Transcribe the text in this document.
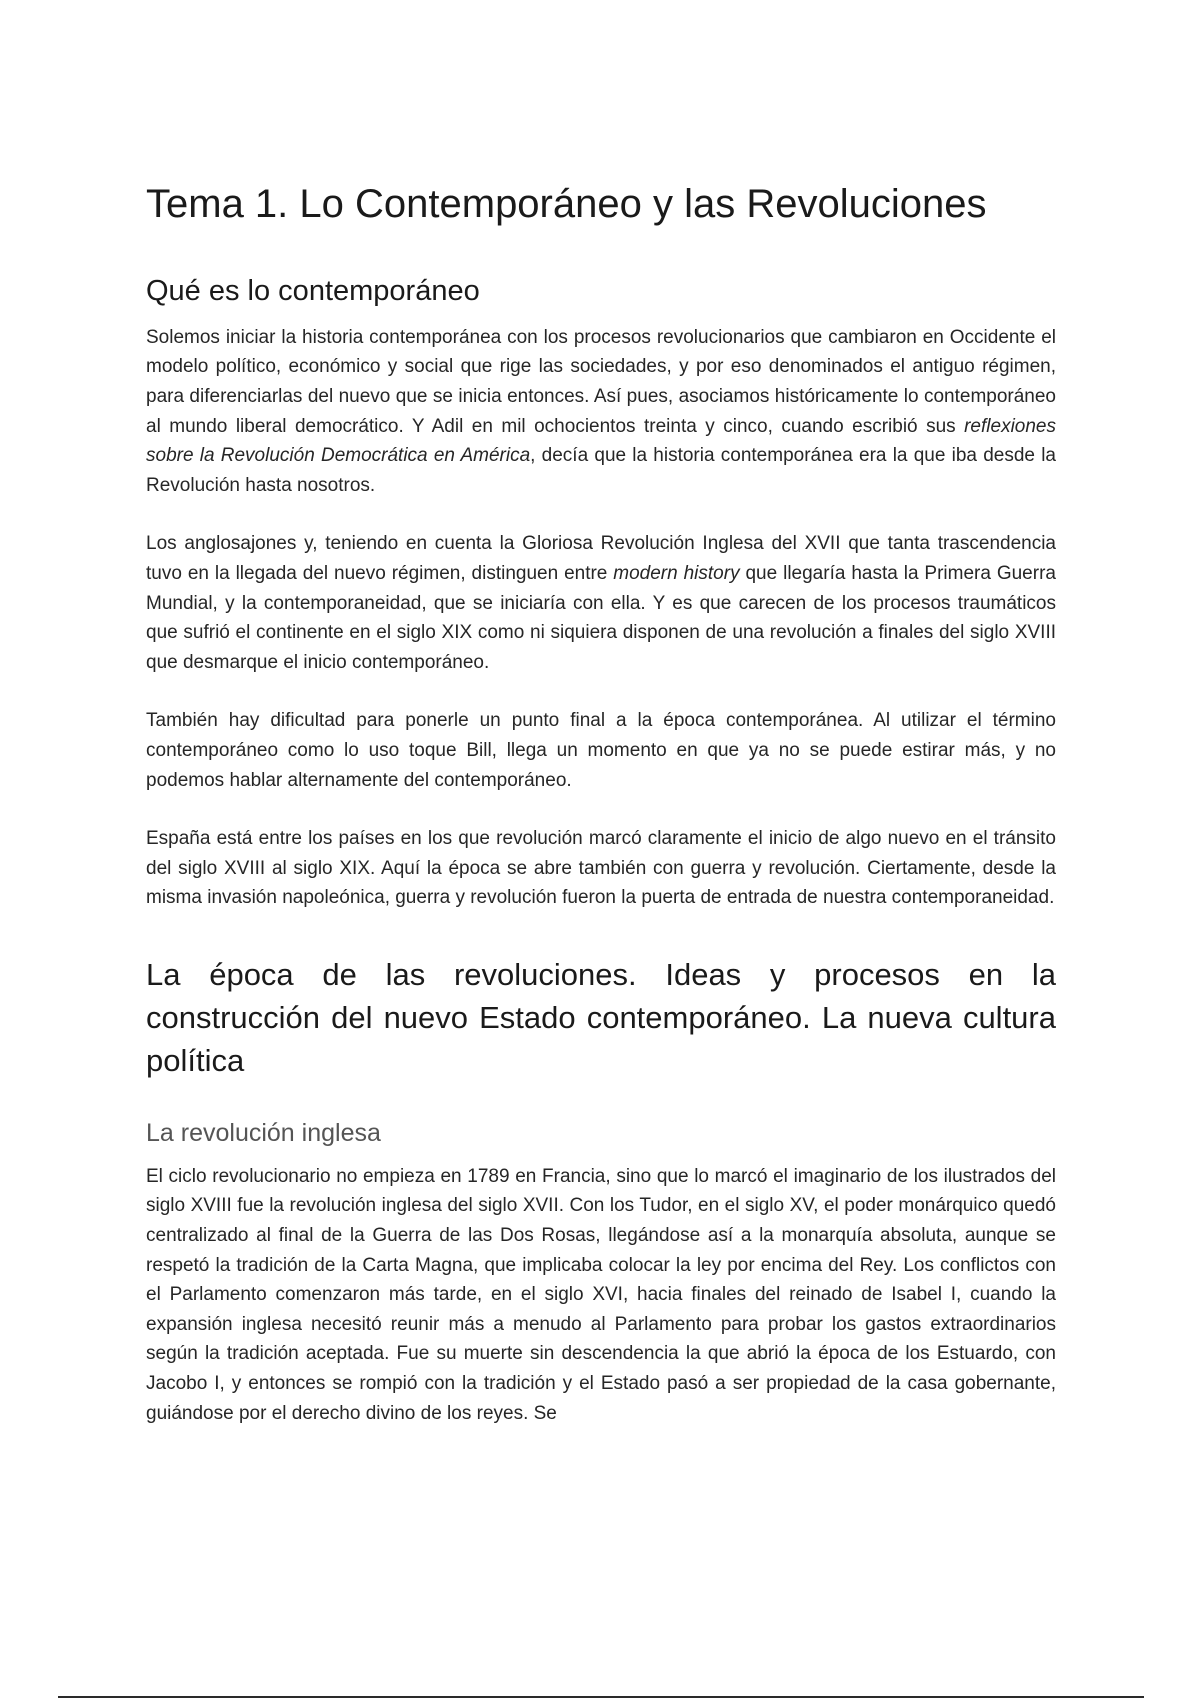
Tema 1. Lo Contemporáneo y las Revoluciones
Qué es lo contemporáneo

Solemos iniciar la historia contemporánea con los procesos revolucionarios que cambiaron en Occidente el modelo político, económico y social que rige las sociedades, y por eso denominados el antiguo régimen, para diferenciarlas del nuevo que se inicia entonces. Así pues, asociamos históricamente lo contemporáneo al mundo liberal democrático. Y Adil en mil ochocientos treinta y cinco, cuando escribió sus reflexiones sobre la Revolución Democrática en América, decía que la historia contemporánea era la que iba desde la Revolución hasta nosotros.

Los anglosajones y, teniendo en cuenta la Gloriosa Revolución Inglesa del XVII que tanta trascendencia tuvo en la llegada del nuevo régimen, distinguen entre modern history que llegaría hasta la Primera Guerra Mundial, y la contemporaneidad, que se iniciaría con ella. Y es que carecen de los procesos traumáticos que sufrió el continente en el siglo XIX como ni siquiera disponen de una revolución a finales del siglo XVIII que desmarque el inicio contemporáneo.

También hay dificultad para ponerle un punto final a la época contemporánea. Al utilizar el término contemporáneo como lo uso toque Bill, llega un momento en que ya no se puede estirar más, y no podemos hablar alternamente del contemporáneo.

España está entre los países en los que revolución marcó claramente el inicio de algo nuevo en el tránsito del siglo XVIII al siglo XIX. Aquí la época se abre también con guerra y revolución. Ciertamente, desde la misma invasión napoleónica, guerra y revolución fueron la puerta de entrada de nuestra contemporaneidad.

La época de las revoluciones. Ideas y procesos en la construcción del nuevo Estado contemporáneo. La nueva cultura política
La revolución inglesa

El ciclo revolucionario no empieza en 1789 en Francia, sino que lo marcó el imaginario de los ilustrados del siglo XVIII fue la revolución inglesa del siglo XVII. Con los Tudor, en el siglo XV, el poder monárquico quedó centralizado al final de la Guerra de las Dos Rosas, llegándose así a la monarquía absoluta, aunque se respetó la tradición de la Carta Magna, que implicaba colocar la ley por encima del Rey. Los conflictos con el Parlamento comenzaron más tarde, en el siglo XVI, hacia finales del reinado de Isabel I, cuando la expansión inglesa necesitó reunir más a menudo al Parlamento para probar los gastos extraordinarios según la tradición aceptada. Fue su muerte sin descendencia la que abrió la época de los Estuardo, con Jacobo I, y entonces se rompió con la tradición y el Estado pasó a ser propiedad de la casa gobernante, guiándose por el derecho divino de los reyes. Se
